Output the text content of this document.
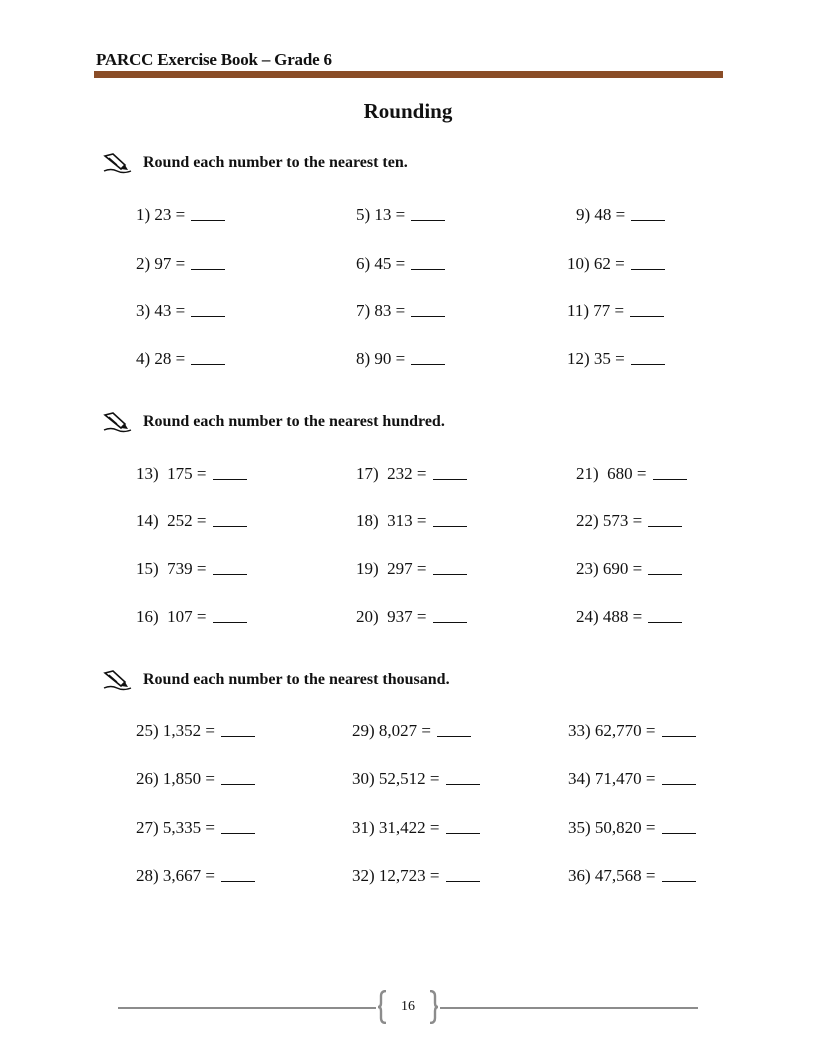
PARCC Exercise Book – Grade 6
Rounding
Round each number to the nearest ten.
1) 23 =
2) 97 =
3) 43 =
4) 28 =
5) 13 =
6) 45 =
7) 83 =
8) 90 =
9) 48 =
10) 62 =
11) 77 =
12) 35 =
Round each number to the nearest hundred.
13)  175 =
14)  252 =
15)  739 =
16)  107 =
17)  232 =
18)  313 =
19)  297 =
20)  937 =
21)  680 =
22) 573 =
23) 690 =
24) 488 =
Round each number to the nearest thousand.
25) 1,352 =
26) 1,850 =
27) 5,335 =
28) 3,667 =
29) 8,027 =
30) 52,512 =
31) 31,422 =
32) 12,723 =
33) 62,770 =
34) 71,470 =
35) 50,820 =
36) 47,568 =
16
